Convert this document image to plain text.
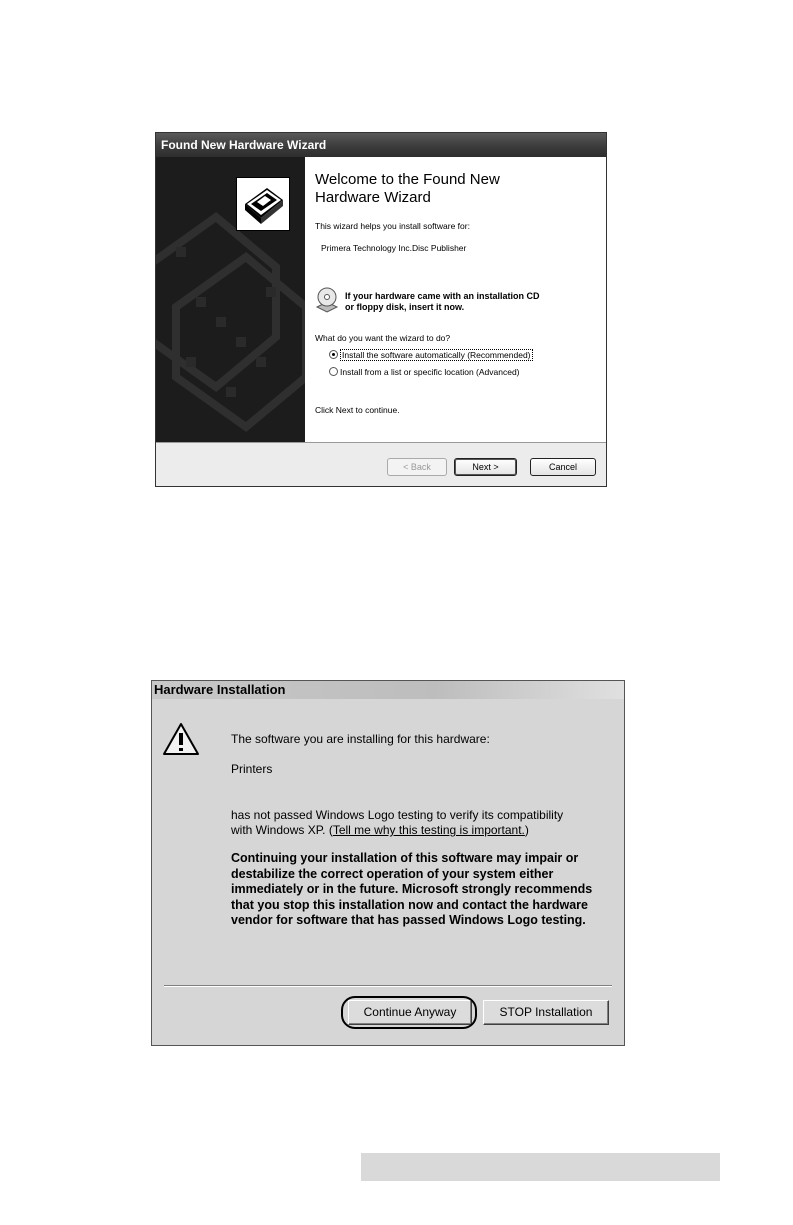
Found New Hardware Wizard
Welcome to the Found New
Hardware Wizard
This wizard helps you install software for:
Primera Technology Inc.Disc Publisher
If your hardware came with an installation CD
or floppy disk, insert it now.
What do you want the wizard to do?
Install the software automatically (Recommended)
Install from a list or specific location (Advanced)
Click Next to continue.
< Back	Next >	Cancel
Hardware Installation
The software you are installing for this hardware:
Printers
has not passed Windows Logo testing to verify its compatibility
with Windows XP. (Tell me why this testing is important.)
Continuing your installation of this software may impair or destabilize the correct operation of your system either immediately or in the future. Microsoft strongly recommends that you stop this installation now and contact the hardware vendor for software that has passed Windows Logo testing.
Continue Anyway	STOP Installation
